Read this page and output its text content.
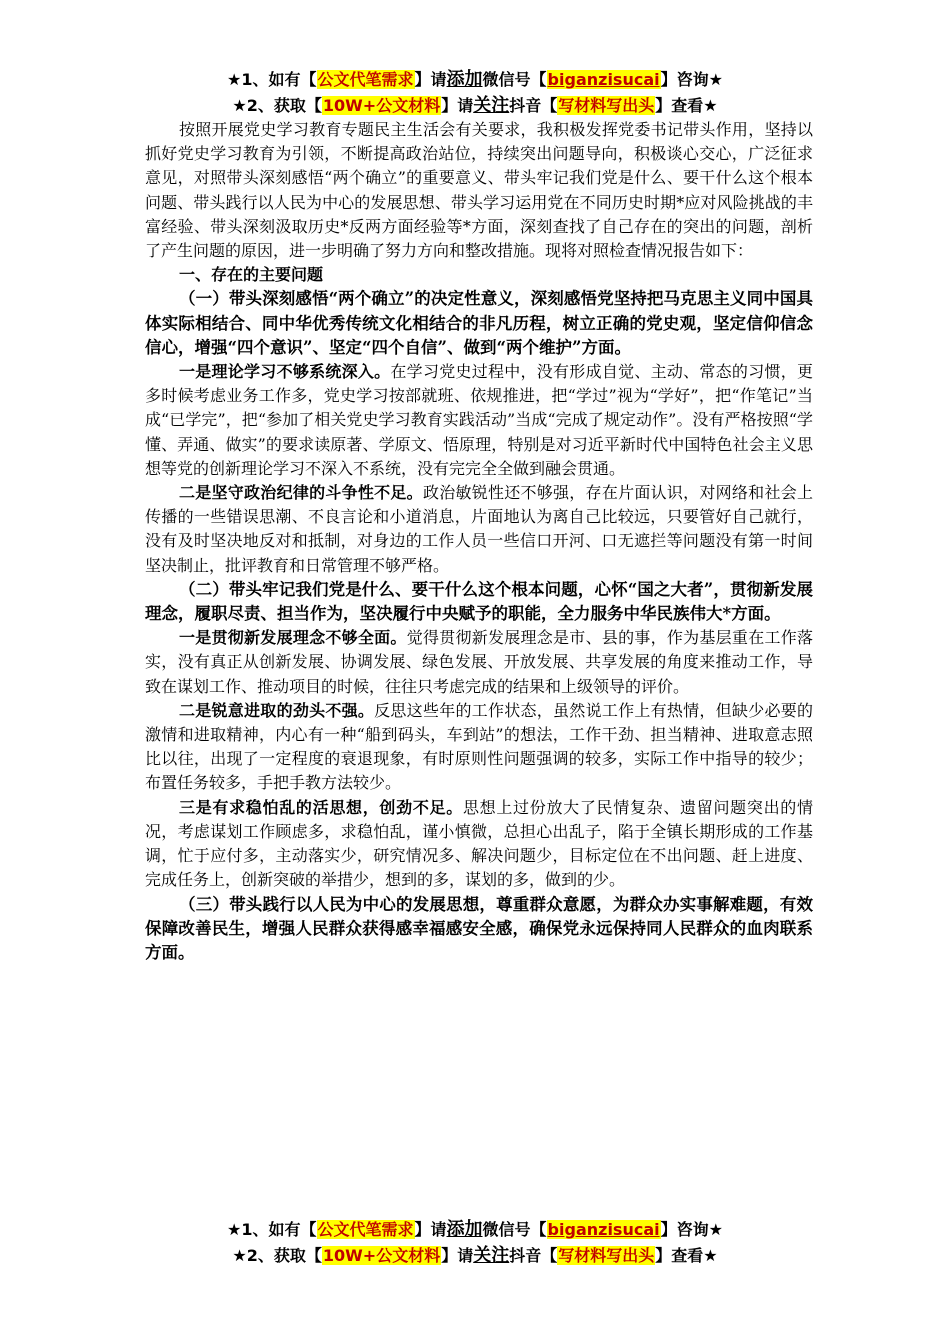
★1、如有【公文代笔需求】请添加微信号【biganzisucai】咨询★
★2、获取【10W+公文材料】请关注抖音【写材料写出头】查看★

按照开展党史学习教育专题民主生活会有关要求，我积极发挥党委书记带头作用，坚持以抓好党史学习教育为引领，不断提高政治站位，持续突出问题导向，积极谈心交心，广泛征求意见，对照带头深刻感悟“两个确立”的重要意义、带头牢记我们党是什么、要干什么这个根本问题、带头践行以人民为中心的发展思想、带头学习运用党在不同历史时期*应对风险挑战的丰富经验、带头深刻汲取历史*反两方面经验等*方面，深刻查找了自己存在的突出的问题，剖析了产生问题的原因，进一步明确了努力方向和整改措施。现将对照检查情况报告如下：

一、存在的主要问题

（一）带头深刻感悟“两个确立”的决定性意义，深刻感悟党坚持把马克思主义同中国具体实际相结合、同中华优秀传统文化相结合的非凡历程，树立正确的党史观，坚定信仰信念信心，增强“四个意识”、坚定“四个自信”、做到“两个维护”方面。

一是理论学习不够系统深入。在学习党史过程中，没有形成自觉、主动、常态的习惯，更多时候考虑业务工作多，党史学习按部就班、依规推进，把“学过”视为“学好”，把“作笔记”当成“已学完”，把“参加了相关党史学习教育实践活动”当成“完成了规定动作”。没有严格按照“学懂、弄通、做实”的要求读原著、学原文、悟原理，特别是对习近平新时代中国特色社会主义思想等党的创新理论学习不深入不系统，没有完完全全做到融会贯通。

二是坚守政治纪律的斗争性不足。政治敏锐性还不够强，存在片面认识，对网络和社会上传播的一些错误思潮、不良言论和小道消息，片面地认为离自己比较远，只要管好自己就行，没有及时坚决地反对和抵制，对身边的工作人员一些信口开河、口无遮拦等问题没有第一时间坚决制止，批评教育和日常管理不够严格。

（二）带头牢记我们党是什么、要干什么这个根本问题，心怀“国之大者”，贯彻新发展理念，履职尽责、担当作为，坚决履行中央赋予的职能，全力服务中华民族伟大*方面。

一是贯彻新发展理念不够全面。觉得贯彻新发展理念是市、县的事，作为基层重在工作落实，没有真正从创新发展、协调发展、绿色发展、开放发展、共享发展的角度来推动工作，导致在谋划工作、推动项目的时候，往往只考虑完成的结果和上级领导的评价。

二是锐意进取的劲头不强。反思这些年的工作状态，虽然说工作上有热情，但缺少必要的激情和进取精神，内心有一种“船到码头，车到站”的想法，工作干劲、担当精神、进取意志照比以往，出现了一定程度的衰退现象，有时原则性问题强调的较多，实际工作中指导的较少；布置任务较多，手把手教方法较少。

三是有求稳怕乱的活思想，创劲不足。思想上过份放大了民情复杂、遗留问题突出的情况，考虑谋划工作顾虑多，求稳怕乱，谨小慎微，总担心出乱子，陷于全镇长期形成的工作基调，忙于应付多，主动落实少，研究情况多、解决问题少，目标定位在不出问题、赶上进度、完成任务上，创新突破的举措少，想到的多，谋划的多，做到的少。

（三）带头践行以人民为中心的发展思想，尊重群众意愿，为群众办实事解难题，有效保障改善民生，增强人民群众获得感幸福感安全感，确保党永远保持同人民群众的血肉联系方面。

★1、如有【公文代笔需求】请添加微信号【biganzisucai】咨询★
★2、获取【10W+公文材料】请关注抖音【写材料写出头】查看★
